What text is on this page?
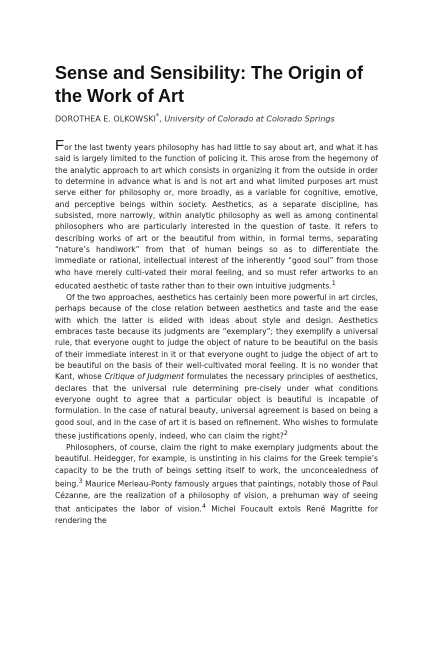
Sense and Sensibility: The Origin of the Work of Art
DOROTHEA E. OLKOWSKI*, University of Colorado at Colorado Springs

For the last twenty years philosophy has had little to say about art, and what it has said is largely limited to the function of policing it. This arose from the hegemony of the analytic approach to art which consists in organizing it from the outside in order to determine in advance what is and is not art and what limited purposes art must serve either for philosophy or, more broadly, as a variable for cognitive, emotive, and perceptive beings within society. Aesthetics, as a separate discipline, has subsisted, more narrowly, within analytic philosophy as well as among continental philosophers who are particularly interested in the question of taste. It refers to describing works of art or the beautiful from within, in formal terms, separating “nature’s handiwork” from that of human beings so as to differentiate the immediate or rational, intellectual interest of the inherently “good soul” from those who have merely culti-vated their moral feeling, and so must refer artworks to an educated aesthetic of taste rather than to their own intuitive judgments.$^1$

Of the two approaches, aesthetics has certainly been more powerful in art circles, perhaps because of the close relation between aesthetics and taste and the ease with which the latter is elided with ideas about style and design. Aesthetics embraces taste because its judgments are “exemplary”; they exemplify a universal rule, that everyone ought to judge the object of nature to be beautiful on the basis of their immediate interest in it or that everyone ought to judge the object of art to be beautiful on the basis of their well-cultivated moral feeling. It is no wonder that Kant, whose Critique of Judgment formulates the necessary principles of aesthetics, declares that the universal rule determining pre-cisely under what conditions everyone ought to agree that a particular object is beautiful is incapable of formulation. In the case of natural beauty, universal agreement is based on being a good soul, and in the case of art it is based on refinement. Who wishes to formulate these justifications openly, indeed, who can claim the right?$^2$

Philosophers, of course, claim the right to make exemplary judgments about the beautiful. Heidegger, for example, is unstinting in his claims for the Greek temple’s capacity to be the truth of beings setting itself to work, the unconcealedness of being.$^3$ Maurice Merleau-Ponty famously argues that paintings, notably those of Paul Cézanne, are the realization of a philosophy of vision, a prehuman way of seeing that anticipates the labor of vision.$^4$ Michel Foucault extols René Magritte for rendering the
